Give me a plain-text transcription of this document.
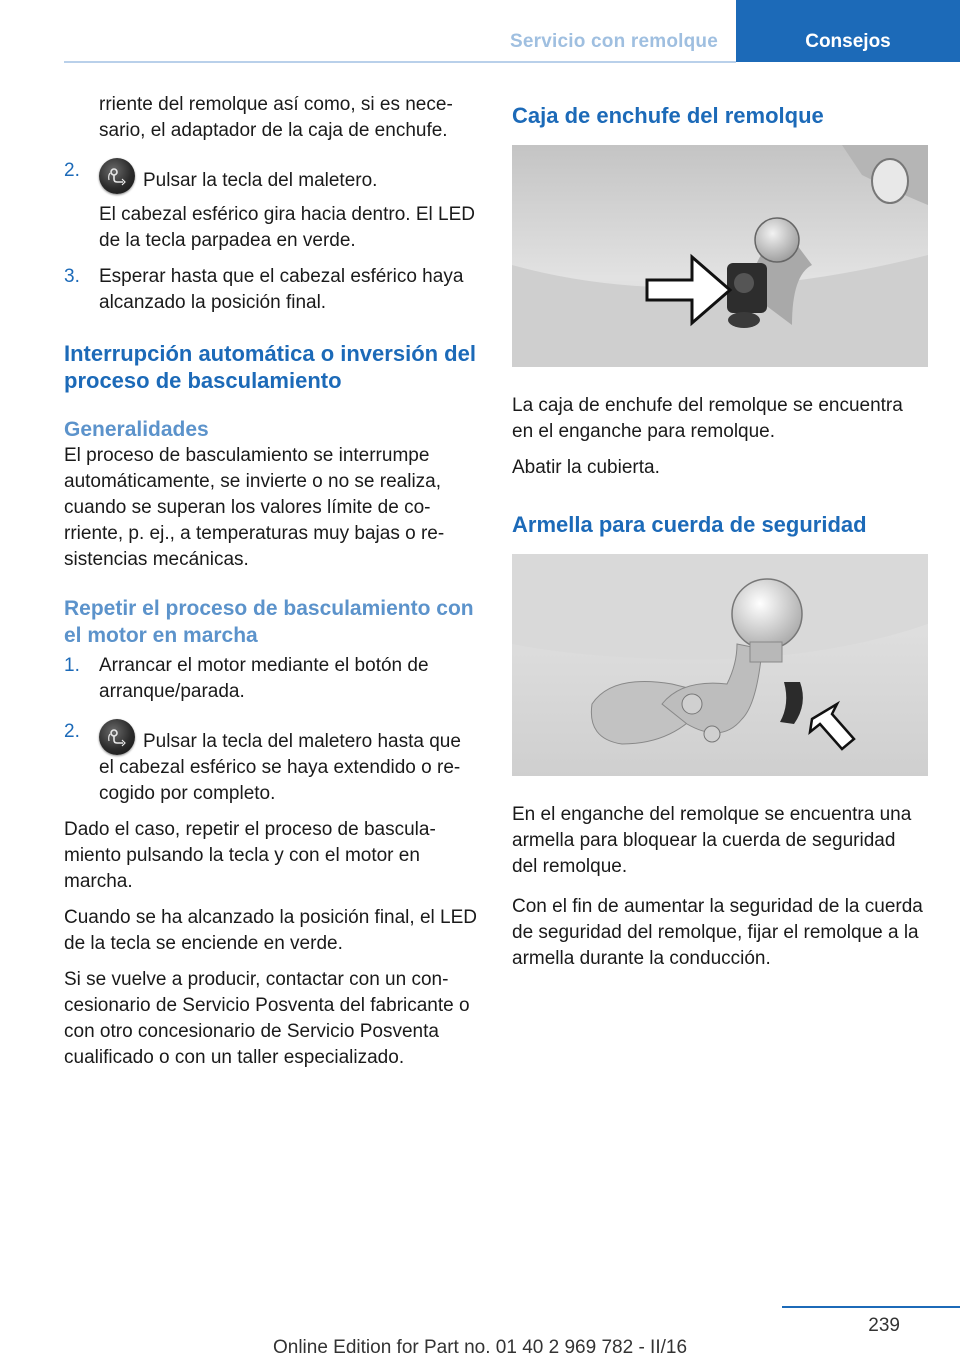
Servicio con remolque	Consejos

rriente del remolque así como, si es necesario, el adaptador de la caja de enchufe.

2.	Pulsar la tecla del maletero.

El cabezal esférico gira hacia dentro. El LED de la tecla parpadea en verde.

3. Esperar hasta que el cabezal esférico haya alcanzado la posición final.

Interrupción automática o inversión del proceso de basculamiento
Generalidades

El proceso de basculamiento se interrumpe automáticamente, se invierte o no se realiza, cuando se superan los valores límite de corriente, p. ej., a temperaturas muy bajas o resistencias mecánicas.

Repetir el proceso de basculamiento con el motor en marcha
1. Arrancar el motor mediante el botón de arranque/parada.

2.	Pulsar la tecla del maletero hasta que el cabezal esférico se haya extendido o recogido por completo.

Dado el caso, repetir el proceso de basculamiento pulsando la tecla y con el motor en marcha.

Cuando se ha alcanzado la posición final, el LED de la tecla se enciende en verde.

Si se vuelve a producir, contactar con un concesionario de Servicio Posventa del fabricante o con otro concesionario de Servicio Posventa cualificado o con un taller especializado.

Caja de enchufe del remolque

La caja de enchufe del remolque se encuentra en el enganche para remolque.

Abatir la cubierta.

Armella para cuerda de seguridad

En el enganche del remolque se encuentra una armella para bloquear la cuerda de seguridad del remolque.

Con el fin de aumentar la seguridad de la cuerda de seguridad del remolque, fijar el remolque a la armella durante la conducción.

239
Online Edition for Part no. 01 40 2 969 782 - II/16
